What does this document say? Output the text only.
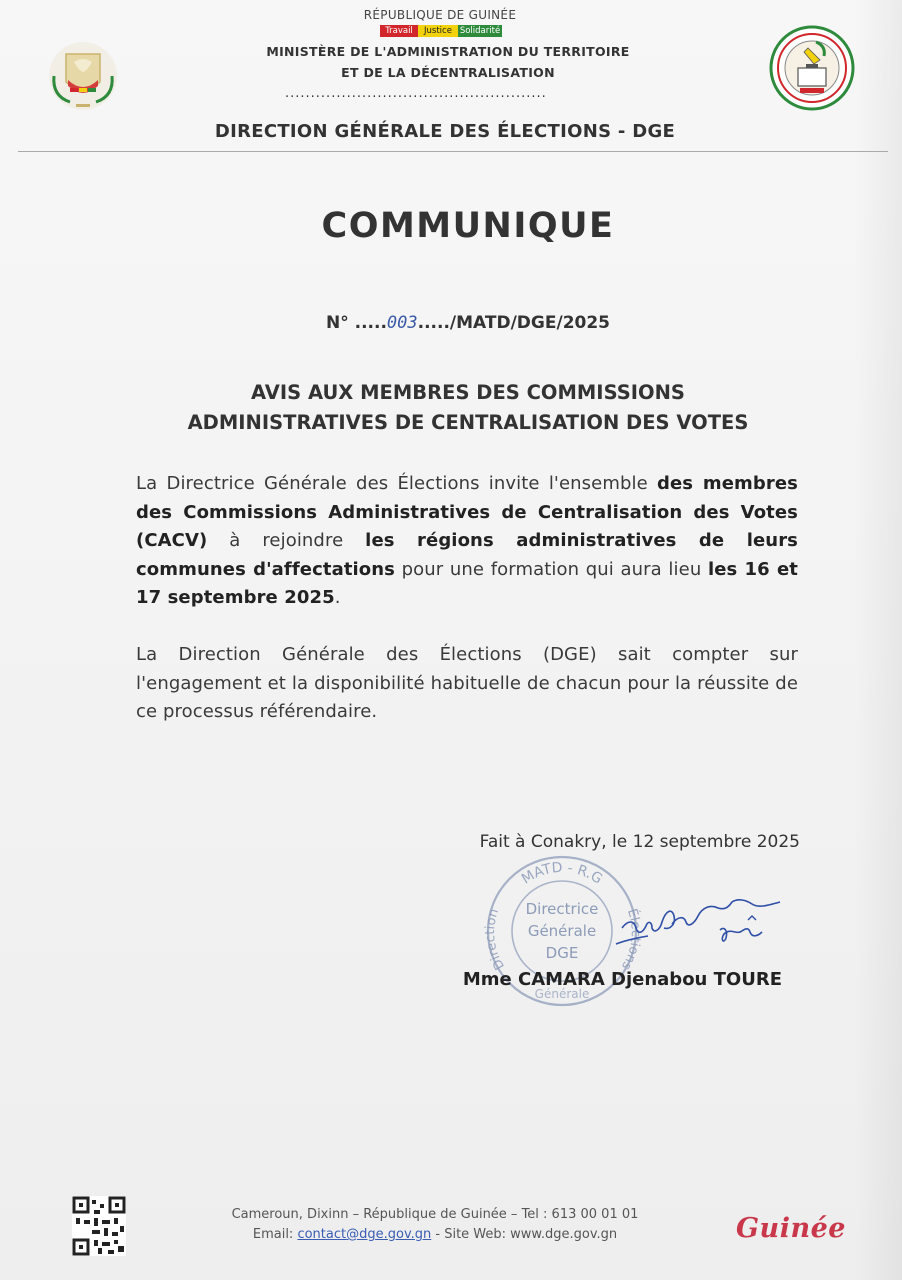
RÉPUBLIQUE DE GUINÉE
Travail	Justice Solidarité
MINISTÈRE DE L'ADMINISTRATION DU TERRITOIRE
ET DE LA DÉCENTRALISATION
...................................................
DIRECTION GÉNÉRALE DES ÉLECTIONS - DGE
COMMUNIQUE
N° .....003...../MATD/DGE/2025
AVIS AUX MEMBRES DES COMMISSIONS
ADMINISTRATIVES DE CENTRALISATION DES VOTES
La Directrice Générale des Élections invite l'ensemble des membres des Commissions Administratives de Centralisation des Votes (CACV) à rejoindre les régions administratives de leurs communes d'affectations pour une formation qui aura lieu les 16 et 17 septembre 2025.
La Direction Générale des Élections (DGE) sait compter sur l'engagement et la disponibilité habituelle de chacun pour la réussite de ce processus référendaire.
Fait à Conakry, le 12 septembre 2025
MATD - R.G
Direction	Élections
Directrice
Générale
DGE
Générale
Mme CAMARA Djenabou TOURE
Cameroun, Dixinn – République de Guinée – Tel : 613 00 01 01
Email: contact@dge.gov.gn - Site Web: www.dge.gov.gn	Guinée
